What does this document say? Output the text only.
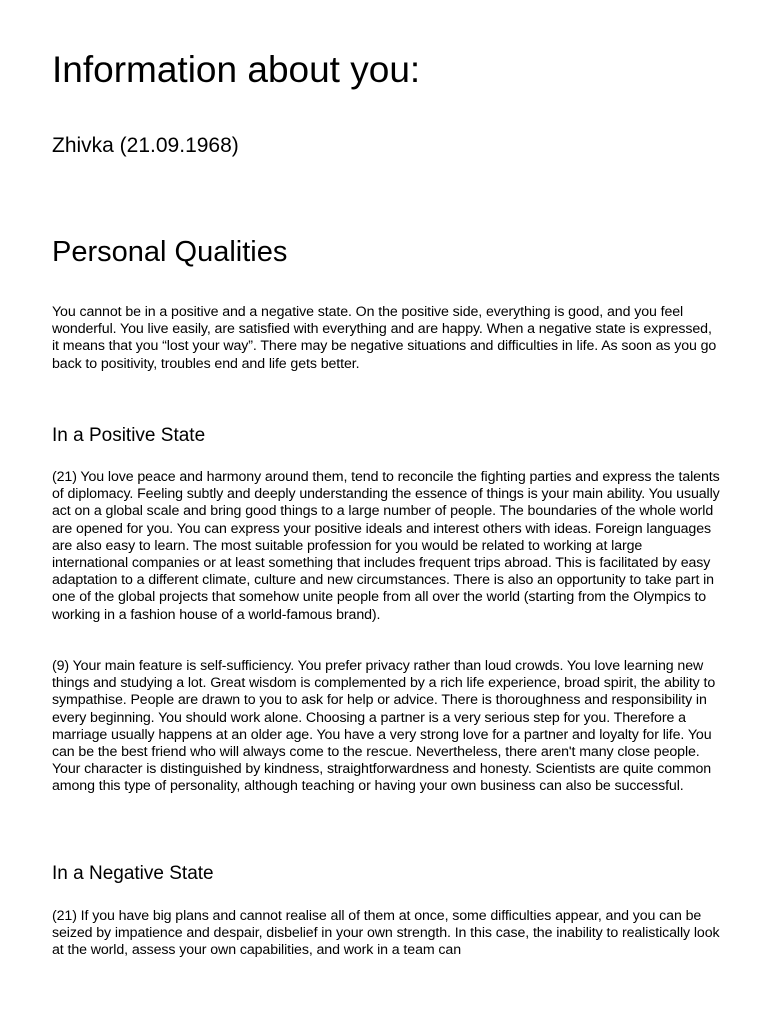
Information about you:
Zhivka (21.09.1968)
Personal Qualities

You cannot be in a positive and a negative state. On the positive side, everything is good, and you feel wonderful. You live easily, are satisfied with everything and are happy. When a negative state is expressed, it means that you “lost your way”. There may be negative situations and difficulties in life. As soon as you go back to positivity, troubles end and life gets better.

In a Positive State

(21) You love peace and harmony around them, tend to reconcile the fighting parties and express the talents of diplomacy. Feeling subtly and deeply understanding the essence of things is your main ability. You usually act on a global scale and bring good things to a large number of people. The boundaries of the whole world are opened for you. You can express your positive ideals and interest others with ideas. Foreign languages are also easy to learn. The most suitable profession for you would be related to working at large international companies or at least something that includes frequent trips abroad. This is facilitated by easy adaptation to a different climate, culture and new circumstances. There is also an opportunity to take part in one of the global projects that somehow unite people from all over the world (starting from the Olympics to working in a fashion house of a world-famous brand).

(9) Your main feature is self-sufficiency. You prefer privacy rather than loud crowds. You love learning new things and studying a lot. Great wisdom is complemented by a rich life experience, broad spirit, the ability to sympathise. People are drawn to you to ask for help or advice. There is thoroughness and responsibility in every beginning. You should work alone. Choosing a partner is a very serious step for you. Therefore a marriage usually happens at an older age. You have a very strong love for a partner and loyalty for life. You can be the best friend who will always come to the rescue. Nevertheless, there aren't many close people. Your character is distinguished by kindness, straightforwardness and honesty. Scientists are quite common among this type of personality, although teaching or having your own business can also be successful.

In a Negative State

(21) If you have big plans and cannot realise all of them at once, some difficulties appear, and you can be seized by impatience and despair, disbelief in your own strength. In this case, the inability to realistically look at the world, assess your own capabilities, and work in a team can
